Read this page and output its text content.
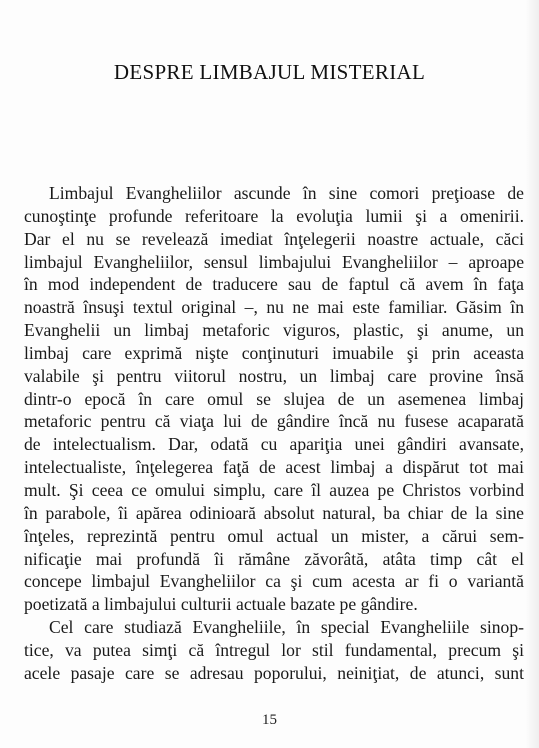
DESPRE LIMBAJUL MISTERIAL
Limbajul Evangheliilor ascunde în sine comori preţioase de
cunoştinţe profunde referitoare la evoluţia lumii şi a omenirii.
Dar el nu se revelează imediat înţelegerii noastre actuale, căci
limbajul Evangheliilor, sensul limbajului Evangheliilor – aproape
în mod independent de traducere sau de faptul că avem în faţa
noastră însuşi textul original –, nu ne mai este familiar. Găsim în
Evanghelii un limbaj metaforic viguros, plastic, şi anume, un
limbaj care exprimă nişte conţinuturi imuabile şi prin aceasta
valabile şi pentru viitorul nostru, un limbaj care provine însă
dintr-o epocă în care omul se slujea de un asemenea limbaj
metaforic pentru că viaţa lui de gândire încă nu fusese acaparată
de intelectualism. Dar, odată cu apariţia unei gândiri avansate,
intelectualiste, înţelegerea faţă de acest limbaj a dispărut tot mai
mult. Şi ceea ce omului simplu, care îl auzea pe Christos vorbind
în parabole, îi apărea odinioară absolut natural, ba chiar de la sine
înţeles, reprezintă pentru omul actual un mister, a cărui sem-
nificaţie mai profundă îi rămâne zăvorâtă, atâta timp cât el
concepe limbajul Evangheliilor ca şi cum acesta ar fi o variantă
poetizată a limbajului culturii actuale bazate pe gândire.
Cel care studiază Evangheliile, în special Evangheliile sinop-
tice, va putea simţi că întregul lor stil fundamental, precum şi
acele pasaje care se adresau poporului, neiniţiat, de atunci, sunt
15
